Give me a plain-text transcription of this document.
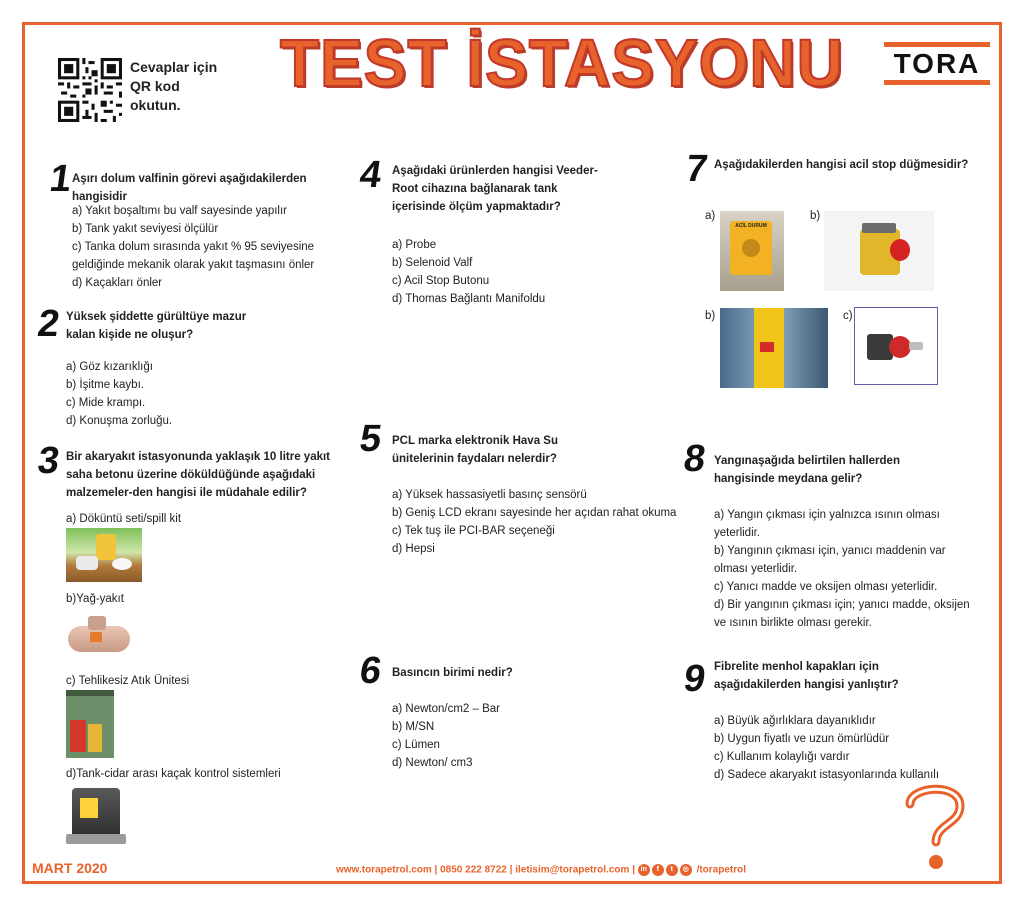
Cevaplar için
QR kod
okutun.
TEST İSTASYONU	TORA
1
Aşırı dolum valfinin görevi aşağıdakilerden hangisidir
a) Yakıt boşaltımı bu valf sayesinde yapılır
b) Tank yakıt seviyesi ölçülür
c) Tanka dolum sırasında yakıt % 95 seviyesine
geldiğinde mekanik olarak yakıt taşmasını önler
d) Kaçakları önler
2 Yüksek şiddette gürültüye mazur kalan kişide ne oluşur?
a) Göz kızarıklığı
b) İşitme kaybı.
c) Mide krampı.
d) Konuşma zorluğu.
3 Bir akaryakıt istasyonunda yaklaşık 10 litre yakıt saha betonu üzerine döküldüğünde aşağıdaki malzemeler-den hangisi ile müdahale edilir?
a) Döküntü seti/spill kit
b)Yağ-yakıt
c) Tehlikesiz Atık Ünitesi
d)Tank-cidar arası kaçak kontrol sistemleri
4 Aşağıdaki ürünlerden hangisi Veeder-Root cihazına bağlanarak tank içerisinde ölçüm yapmaktadır?
a) Probe
b) Selenoid Valf
c) Acil Stop Butonu
d) Thomas Bağlantı Manifoldu
5 PCL marka elektronik Hava Su ünitelerinin faydaları nelerdir?
a) Yüksek hassasiyetli basınç sensörü
b) Geniş LCD ekranı sayesinde her açıdan rahat okuma
c) Tek tuş ile PCI-BAR seçeneği
d) Hepsi
6 Basıncın birimi nedir?
a) Newton/cm2 – Bar
b) M/SN
c) Lümen
d) Newton/ cm3
7 Aşağıdakilerden hangisi acil stop düğmesidir?
a)
ACİL DURUM
b)
b)	c)
8 Yangınaşağıda belirtilen hallerden hangisinde meydana gelir?
a) Yangın çıkması için yalnızca ısının olması yeterlidir.
b) Yangının çıkması için, yanıcı maddenin var olması yeterlidir.
c) Yanıcı madde ve oksijen olması yeterlidir.
d) Bir yangının çıkması için; yanıcı madde, oksijen ve ısının birlikte olması gerekir.
9 Fibrelite menhol kapakları için aşağıdakilerden hangisi yanlıştır?
a) Büyük ağırlıklara dayanıklıdır
b) Uygun fiyatlı ve uzun ömürlüdür
c) Kullanım kolaylığı vardır
d) Sadece akaryakıt istasyonlarında kullanılı
MART 2020	www.torapetrol.com | 0850 222 8722 | iletisim@torapetrol.com | in f t ◎ /torapetrol
